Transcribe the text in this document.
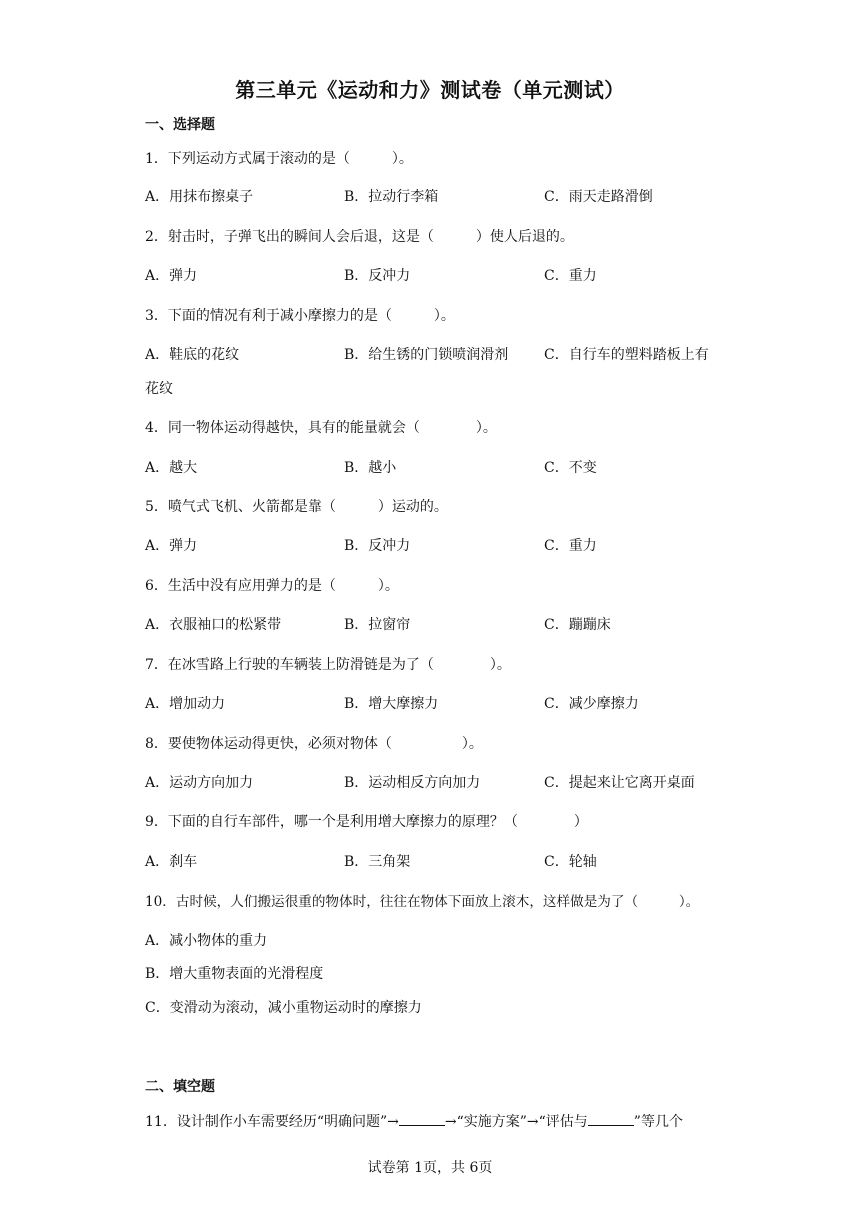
第三单元《运动和力》测试卷（单元测试）
一、选择题
1．下列运动方式属于滚动的是（　　　）。
A．用抹布擦桌子	B．拉动行李箱	C．雨天走路滑倒
2．射击时，子弹飞出的瞬间人会后退，这是（　　　）使人后退的。
A．弹力	B．反冲力	C．重力
3．下面的情况有利于减小摩擦力的是（　　　）。
A．鞋底的花纹	B．给生锈的门锁喷润滑剂	C．自行车的塑料踏板上有
花纹
4．同一物体运动得越快，具有的能量就会（　　　　）。
A．越大	B．越小	C．不变
5．喷气式飞机、火箭都是靠（　　　）运动的。
A．弹力	B．反冲力	C．重力
6．生活中没有应用弹力的是（　　　）。
A．衣服袖口的松紧带	B．拉窗帘	C．蹦蹦床
7．在冰雪路上行驶的车辆装上防滑链是为了（　　　　）。
A．增加动力	B．增大摩擦力	C．减少摩擦力
8．要使物体运动得更快，必须对物体（　　　　　）。
A．运动方向加力	B．运动相反方向加力	C．提起来让它离开桌面
9．下面的自行车部件，哪一个是利用增大摩擦力的原理？（　　　　）
A．刹车	B．三角架	C．轮轴
10．古时候，人们搬运很重的物体时，往往在物体下面放上滚木，这样做是为了（　　　）。
A．减小物体的重力
B．增大重物表面的光滑程度
C．变滑动为滚动，减小重物运动时的摩擦力
二、填空题
11．设计制作小车需要经历“明确问题”→	→“实施方案”→“评估与	”等几个
试卷第 1页，共 6页
